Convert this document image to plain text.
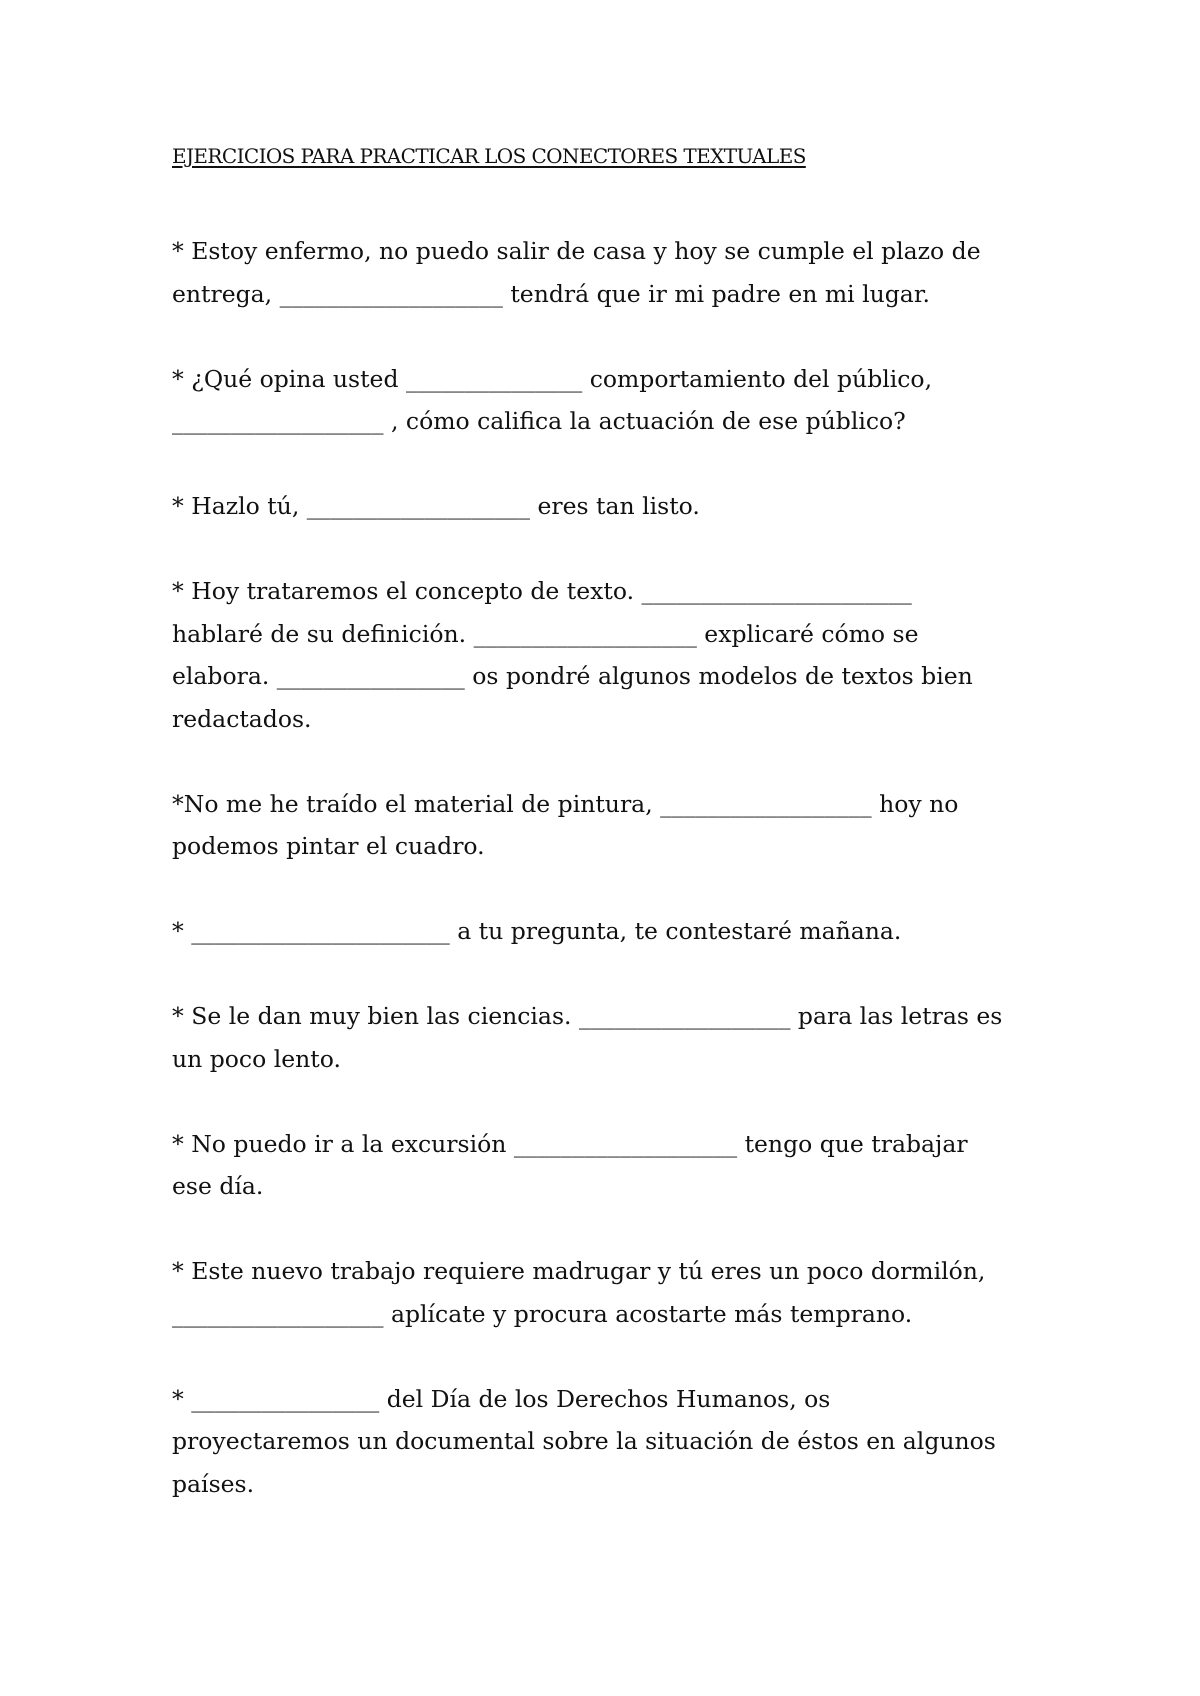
EJERCICIOS PARA PRACTICAR LOS CONECTORES TEXTUALES

* Estoy enfermo, no puedo salir de casa y hoy se cumple el plazo de
entrega, ___________________ tendrá que ir mi padre en mi lugar.

* ¿Qué opina usted _______________ comportamiento del público,
__________________ , cómo califica la actuación de ese público?

* Hazlo tú, ___________________ eres tan listo.

* Hoy trataremos el concepto de texto. _______________________
hablaré de su definición. ___________________ explicaré cómo se
elabora. ________________ os pondré algunos modelos de textos bien
redactados.

*No me he traído el material de pintura, __________________ hoy no
podemos pintar el cuadro.

* ______________________ a tu pregunta, te contestaré mañana.

* Se le dan muy bien las ciencias. __________________ para las letras es
un poco lento.

* No puedo ir a la excursión ___________________ tengo que trabajar
ese día.

* Este nuevo trabajo requiere madrugar y tú eres un poco dormilón,
__________________ aplícate y procura acostarte más temprano.

* ________________ del Día de los Derechos Humanos, os
proyectaremos un documental sobre la situación de éstos en algunos
países.
